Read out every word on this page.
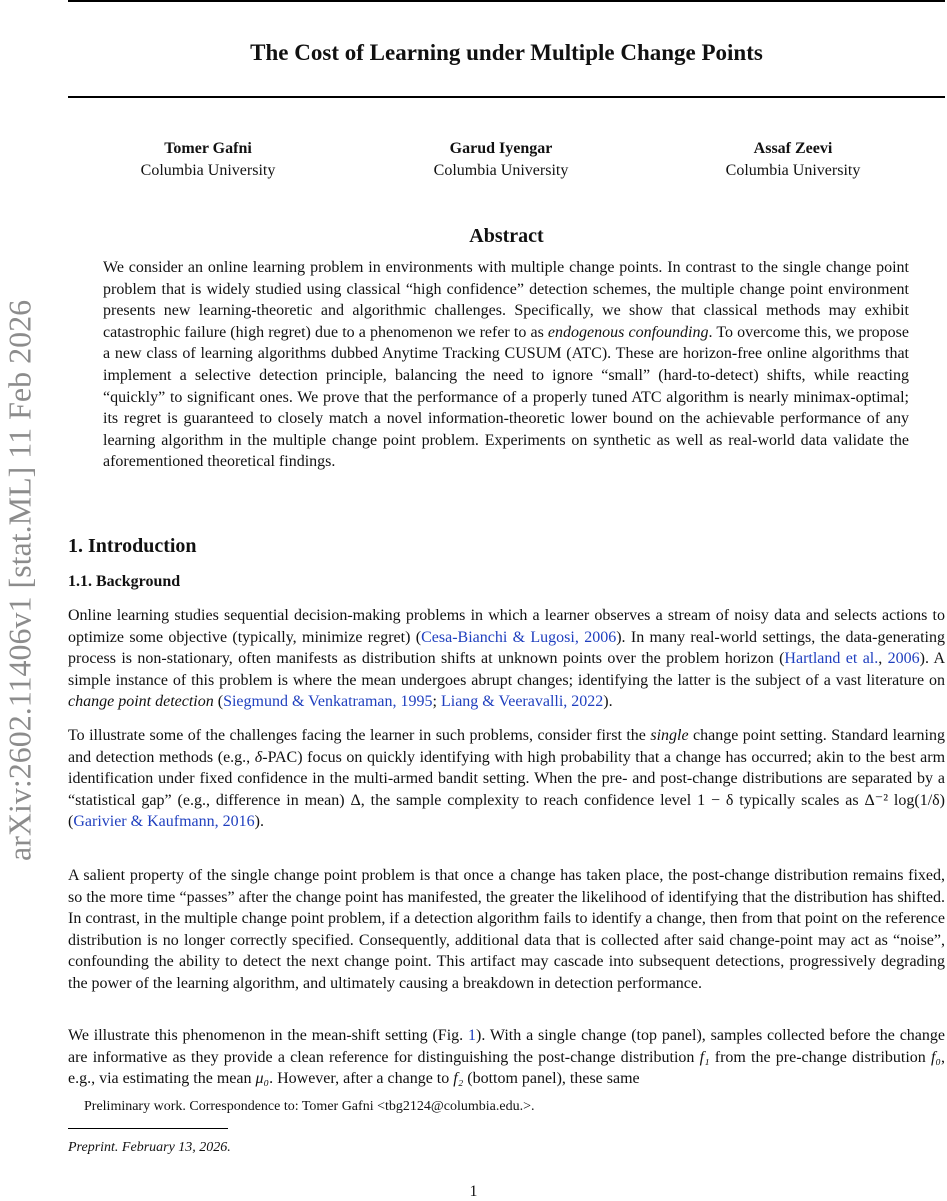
The Cost of Learning under Multiple Change Points
Tomer Gafni
Columbia University
Garud Iyengar
Columbia University
Assaf Zeevi
Columbia University
arXiv:2602.11406v1 [stat.ML] 11 Feb 2026
Abstract

We consider an online learning problem in environments with multiple change points. In contrast to the single change point problem that is widely studied using classical “high confidence” detection schemes, the multiple change point environment presents new learning-theoretic and algorithmic challenges. Specifically, we show that classical methods may exhibit catastrophic failure (high regret) due to a phenomenon we refer to as endogenous confounding. To overcome this, we propose a new class of learning algorithms dubbed Anytime Tracking CUSUM (ATC). These are horizon-free online algorithms that implement a selective detection principle, balancing the need to ignore “small” (hard-to-detect) shifts, while reacting “quickly” to significant ones. We prove that the performance of a properly tuned ATC algorithm is nearly minimax-optimal; its regret is guaranteed to closely match a novel information-theoretic lower bound on the achievable performance of any learning algorithm in the multiple change point problem. Experiments on synthetic as well as real-world data validate the aforementioned theoretical findings.

1. Introduction
1.1. Background

Online learning studies sequential decision-making problems in which a learner observes a stream of noisy data and selects actions to optimize some objective (typically, minimize regret) (Cesa-Bianchi & Lugosi, 2006). In many real-world settings, the data-generating process is non-stationary, often manifests as distribution shifts at unknown points over the problem horizon (Hartland et al., 2006). A simple instance of this problem is where the mean undergoes abrupt changes; identifying the latter is the subject of a vast literature on change point detection (Siegmund & Venkatraman, 1995; Liang & Veeravalli, 2022).

To illustrate some of the challenges facing the learner in such problems, consider first the single change point setting. Standard learning and detection methods (e.g., δ-PAC) focus on quickly identifying with high probability that a change has occurred; akin to the best arm identification under fixed confidence in the multi-armed bandit setting. When the pre- and post-change distributions are separated by a “statistical gap” (e.g., difference in mean) Δ, the sample complexity to reach confidence level 1 − δ typically scales as Δ⁻² log(1/δ) (Garivier & Kaufmann, 2016).

A salient property of the single change point problem is that once a change has taken place, the post-change distribution remains fixed, so the more time “passes” after the change point has manifested, the greater the likelihood of identifying that the distribution has shifted. In contrast, in the multiple change point problem, if a detection algorithm fails to identify a change, then from that point on the reference distribution is no longer correctly specified. Consequently, additional data that is collected after said change-point may act as “noise”, confounding the ability to detect the next change point. This artifact may cascade into subsequent detections, progressively degrading the power of the learning algorithm, and ultimately causing a breakdown in detection performance.

We illustrate this phenomenon in the mean-shift setting (Fig. 1). With a single change (top panel), samples collected before the change are informative as they provide a clean reference for distinguishing the post-change distribution f₁ from the pre-change distribution f₀, e.g., via estimating the mean μ₀. However, after a change to f₂ (bottom panel), these same

Preliminary work. Correspondence to: Tomer Gafni <tbg2124@columbia.edu.>.

Preprint. February 13, 2026.

1
